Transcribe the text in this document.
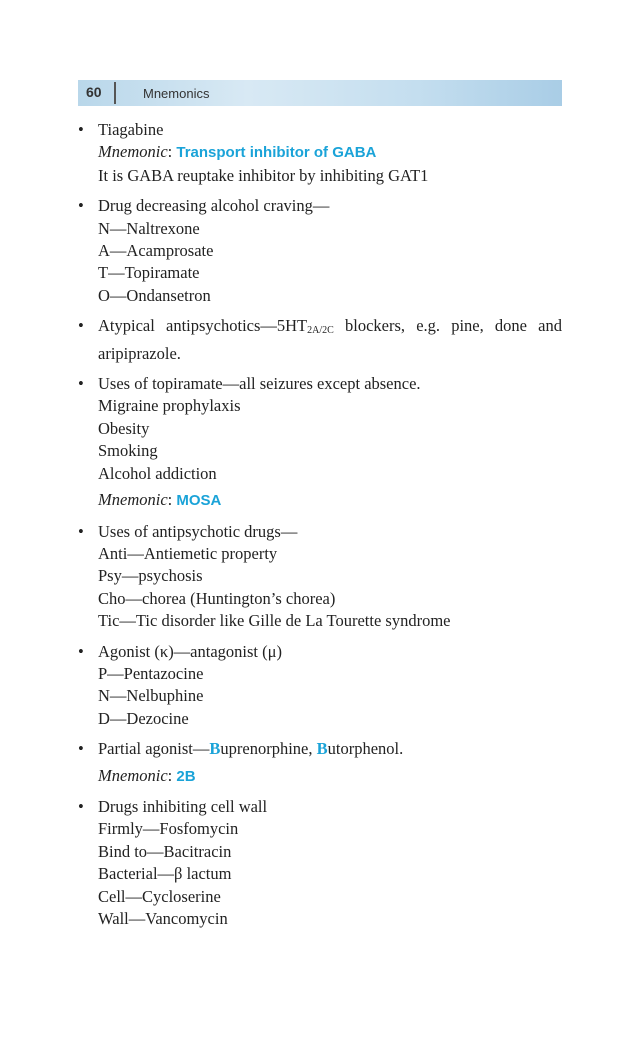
60	Mnemonics
• Tiagabine
Mnemonic: Transport inhibitor of GABA
It is GABA reuptake inhibitor by inhibiting GAT1
• Drug decreasing alcohol craving—
N—Naltrexone
A—Acamprosate
T—Topiramate
O—Ondansetron
• Atypical $antipsychotics—5HT_{2A/2C}$ blockers, e.g. pine, done and aripiprazole.
• Uses of topiramate—all seizures except absence.
Migraine prophylaxis
Obesity
Smoking
Alcohol addiction
Mnemonic: MOSA
• Uses of antipsychotic drugs—
Anti—Antiemetic property
Psy—psychosis
Cho—chorea (Huntington’s chorea)
Tic—Tic disorder like Gille de La Tourette syndrome
• Agonist (κ)—antagonist (μ)
P—Pentazocine
N—Nelbuphine
D—Dezocine
• Partial agonist—Buprenorphine, Butorphenol.
Mnemonic: 2B
• Drugs inhibiting cell wall
Firmly—Fosfomycin
Bind to—Bacitracin
Bacterial—β lactum
Cell—Cycloserine
Wall—Vancomycin
